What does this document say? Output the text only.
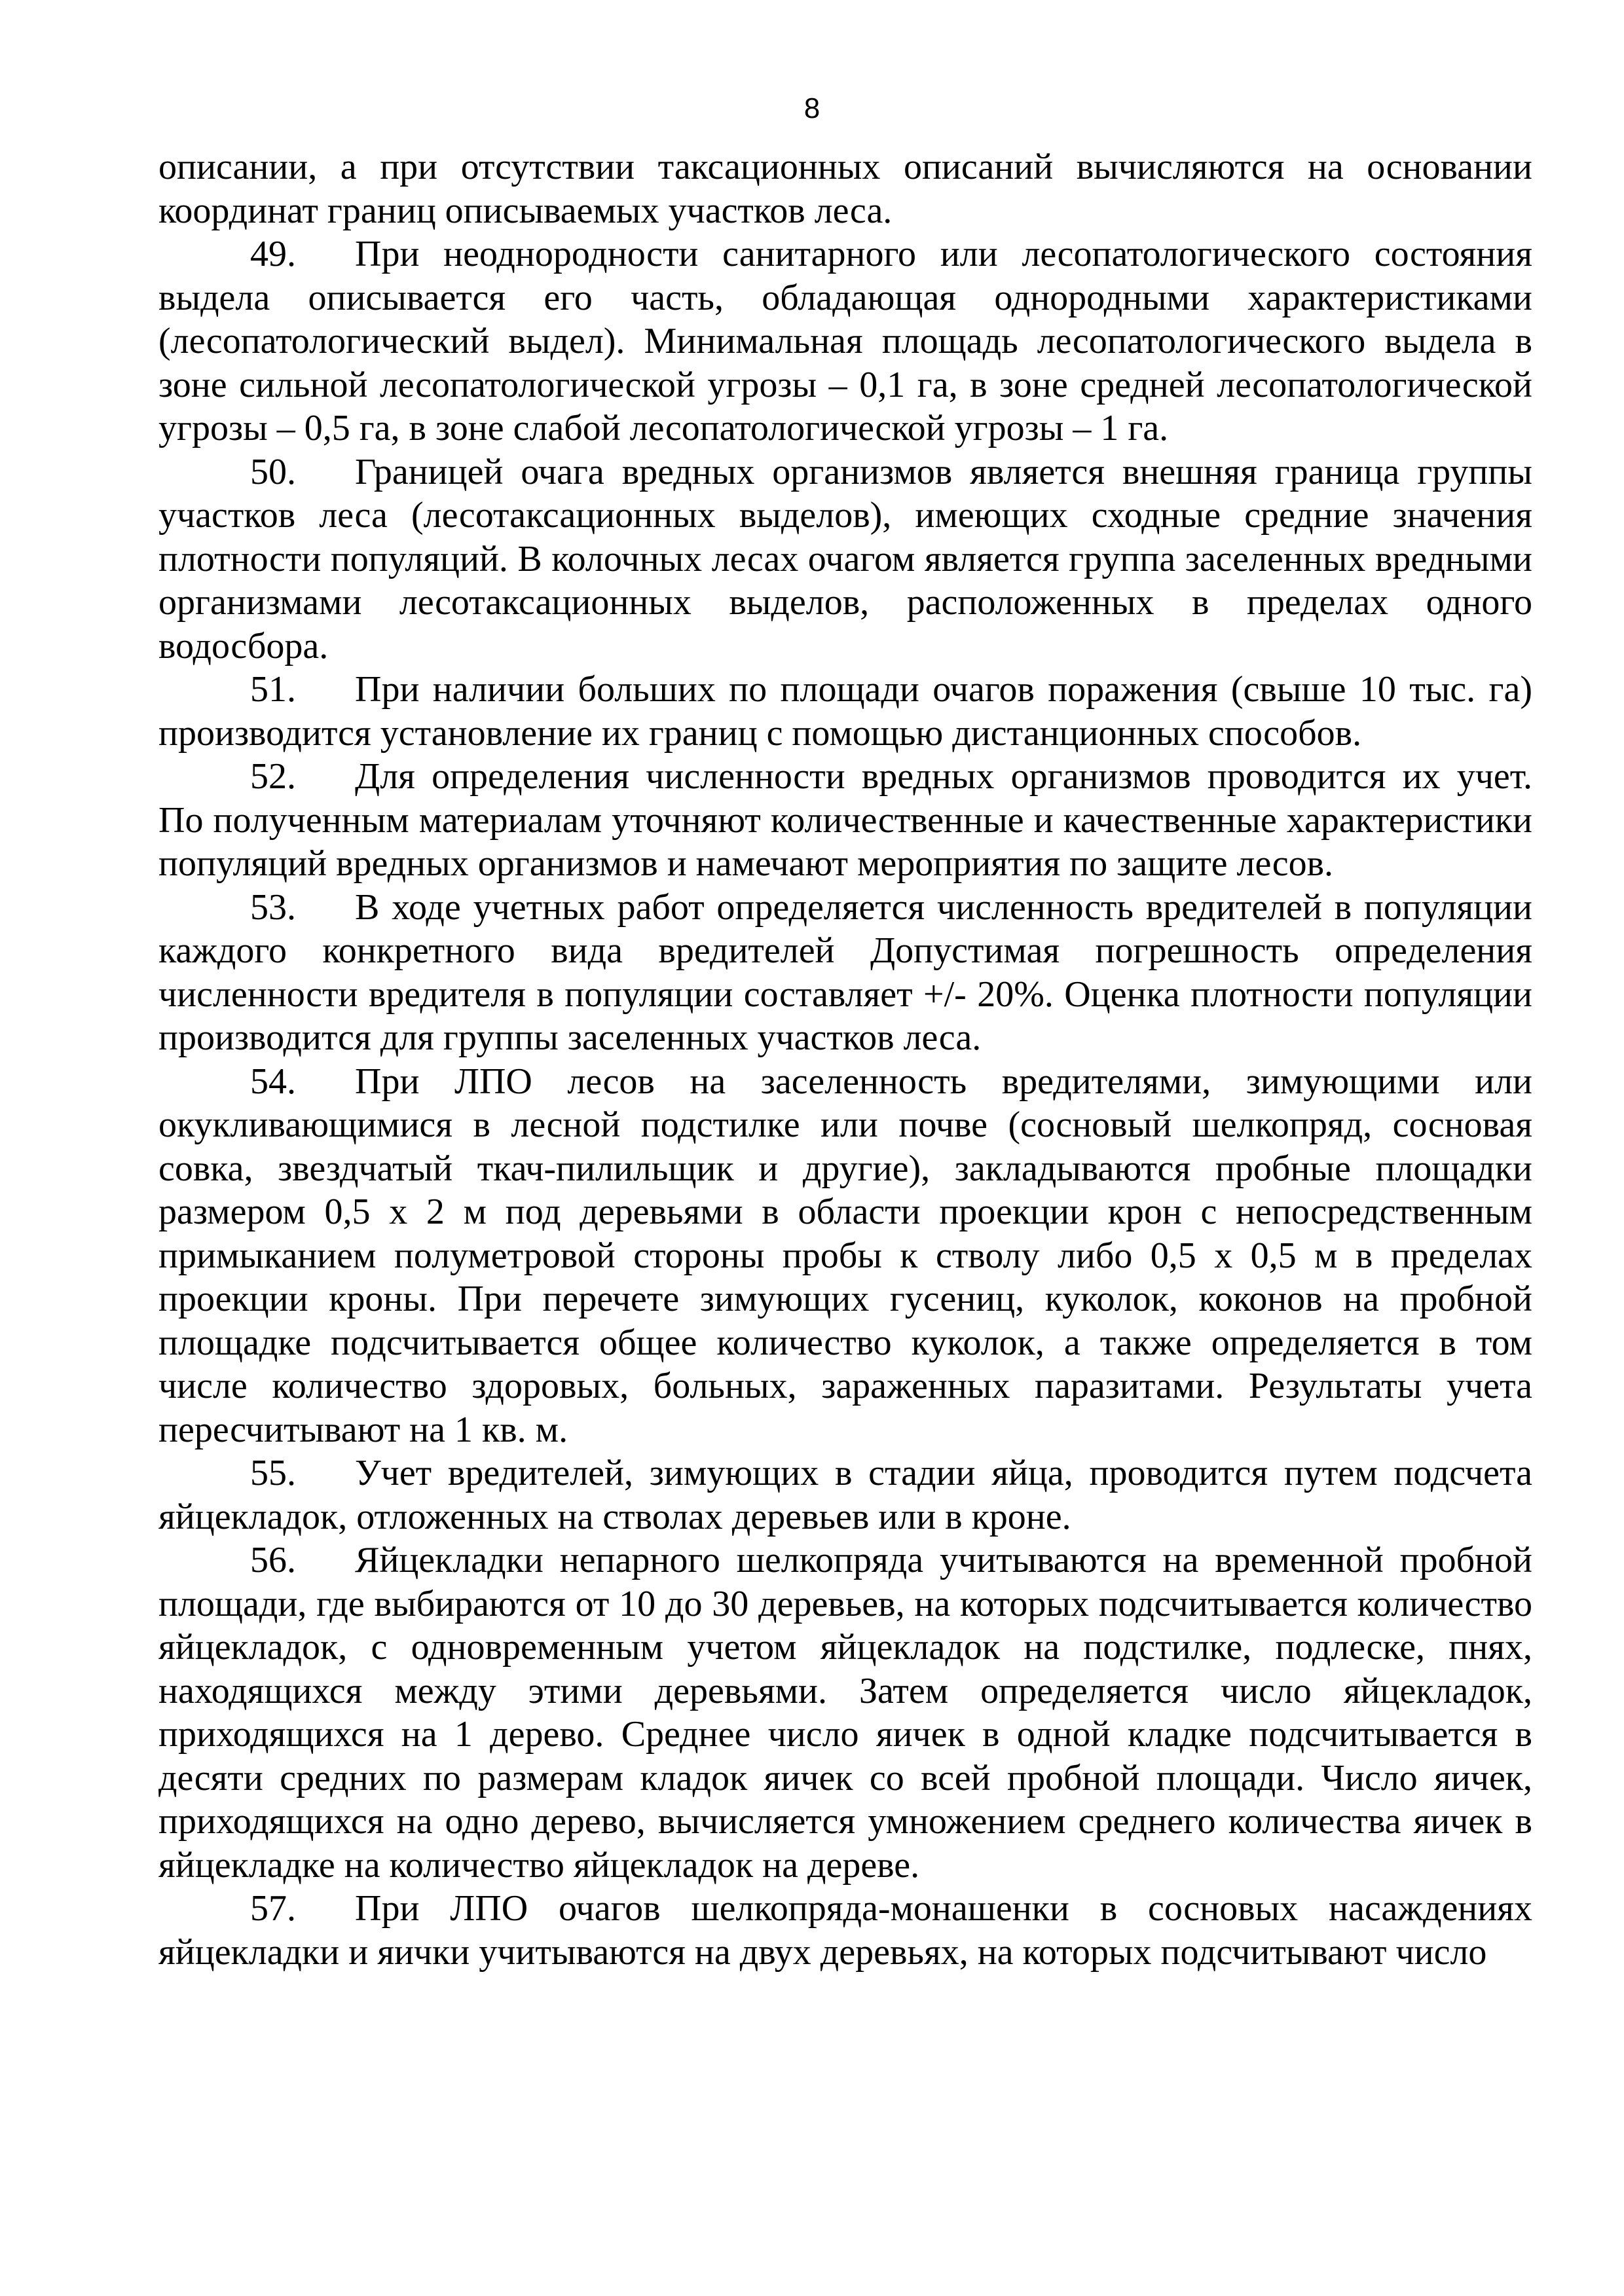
8

описании, а при отсутствии таксационных описаний вычисляются на основании координат границ описываемых участков леса.

49. При неоднородности санитарного или лесопатологического состояния выдела описывается его часть, обладающая однородными характеристиками (лесопатологический выдел). Минимальная площадь лесопатологического выдела в зоне сильной лесопатологической угрозы – 0,1 га, в зоне средней лесопатологической угрозы – 0,5 га, в зоне слабой лесопатологической угрозы – 1 га.

50. Границей очага вредных организмов является внешняя граница группы участков леса (лесотаксационных выделов), имеющих сходные средние значения плотности популяций. В колочных лесах очагом является группа заселенных вредными организмами лесотаксационных выделов, расположенных в пределах одного водосбора.

51. При наличии больших по площади очагов поражения (свыше 10 тыс. га) производится установление их границ с помощью дистанционных способов.

52. Для определения численности вредных организмов проводится их учет. По полученным материалам уточняют количественные и качественные характеристики популяций вредных организмов и намечают мероприятия по защите лесов.

53. В ходе учетных работ определяется численность вредителей в популяции каждого конкретного вида вредителей Допустимая погрешность определения численности вредителя в популяции составляет +/- 20%. Оценка плотности популяции производится для группы заселенных участков леса.

54. При ЛПО лесов на заселенность вредителями, зимующими или окукливающимися в лесной подстилке или почве (сосновый шелкопряд, сосновая совка, звездчатый ткач-пилильщик и другие), закладываются пробные площадки размером 0,5 х 2 м под деревьями в области проекции крон с непосредственным примыканием полуметровой стороны пробы к стволу либо 0,5 х 0,5 м в пределах проекции кроны. При перечете зимующих гусениц, куколок, коконов на пробной площадке подсчитывается общее количество куколок, а также определяется в том числе количество здоровых, больных, зараженных паразитами. Результаты учета пересчитывают на 1 кв. м.

55. Учет вредителей, зимующих в стадии яйца, проводится путем подсчета яйцекладок, отложенных на стволах деревьев или в кроне.

56. Яйцекладки непарного шелкопряда учитываются на временной пробной площади, где выбираются от 10 до 30 деревьев, на которых подсчитывается количество яйцекладок, с одновременным учетом яйцекладок на подстилке, подлеске, пнях, находящихся между этими деревьями. Затем определяется число яйцекладок, приходящихся на 1 дерево. Среднее число яичек в одной кладке подсчитывается в десяти средних по размерам кладок яичек со всей пробной площади. Число яичек, приходящихся на одно дерево, вычисляется умножением среднего количества яичек в яйцекладке на количество яйцекладок на дереве.

57. При ЛПО очагов шелкопряда-монашенки в сосновых насаждениях яйцекладки и яички учитываются на двух деревьях, на которых подсчитывают число
